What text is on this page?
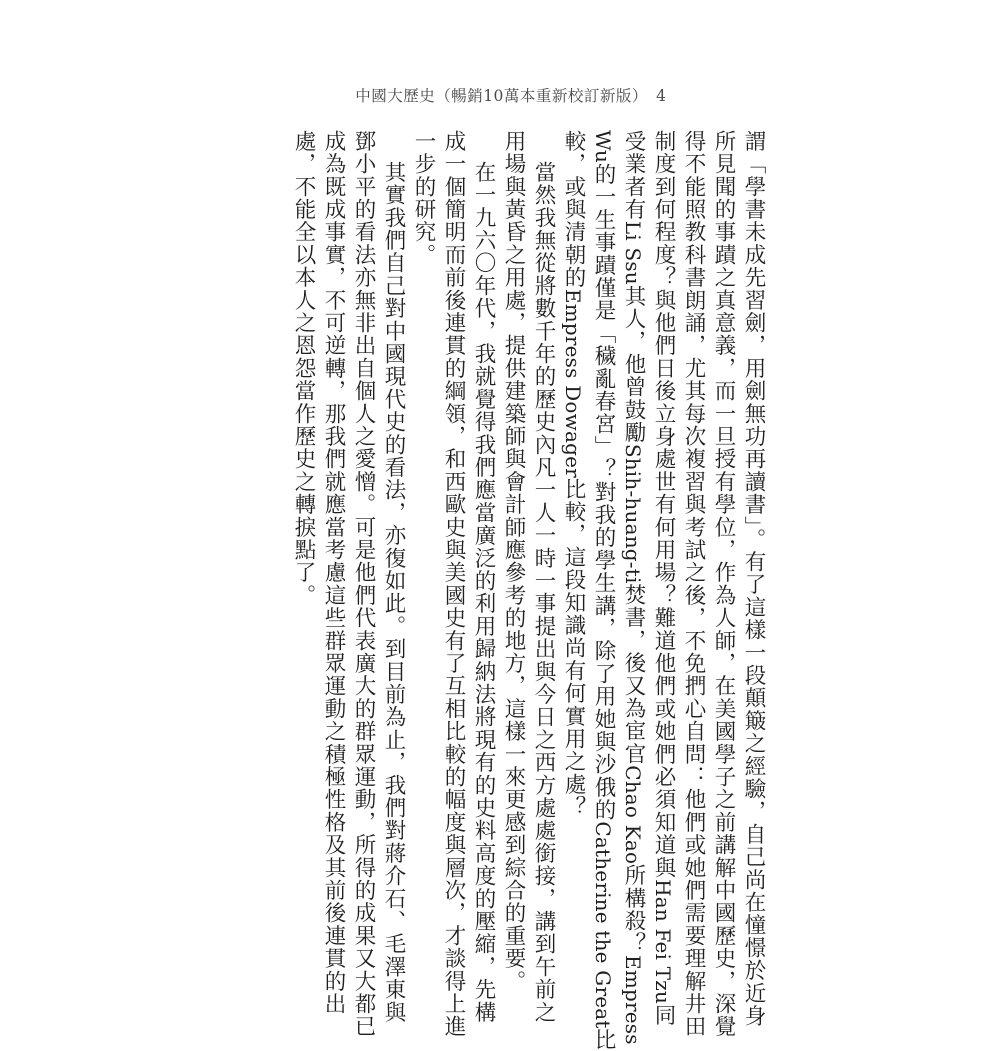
中國大歷史（暢銷10萬本重新校訂新版）　4

謂「學書未成先習劍，用劍無功再讀書」。有了這樣一段顛簸之經驗，自己尚在憧憬於近身
所見聞的事蹟之真意義，而一旦授有學位，作為人師，在美國學子之前講解中國歷史，深覺
得不能照教科書朗誦，尤其每次複習與考試之後，不免捫心自問：他們或她們需要理解井田
制度到何程度？與他們日後立身處世有何用場？難道他們或她們必須知道與Han Fei Tzu同
受業者有Li Ssu其人，他曾鼓勵Shih-huang-ti焚書，後又為宦官Chao Kao所構殺？Empress
Wu的一生事蹟僅是「穢亂春宮」？對我的學生講，除了用她與沙俄的Catherine the Great比
較，或與清朝的Empress Dowager比較，這段知識尚有何實用之處？
當然我無從將數千年的歷史內凡一人一時一事提出與今日之西方處處銜接，講到午前之
用場與黃昏之用處，提供建築師與會計師應參考的地方，這樣一來更感到綜合的重要。
在一九六〇年代，我就覺得我們應當廣泛的利用歸納法將現有的史料高度的壓縮，先構
成一個簡明而前後連貫的綱領，和西歐史與美國史有了互相比較的幅度與層次，才談得上進
一步的研究。
其實我們自己對中國現代史的看法，亦復如此。到目前為止，我們對蔣介石、毛澤東與
鄧小平的看法亦無非出自個人之愛憎。可是他們代表廣大的群眾運動，所得的成果又大都已
成為既成事實，不可逆轉，那我們就應當考慮這些群眾運動之積極性格及其前後連貫的出
處，不能全以本人之恩怨當作歷史之轉捩點了。
